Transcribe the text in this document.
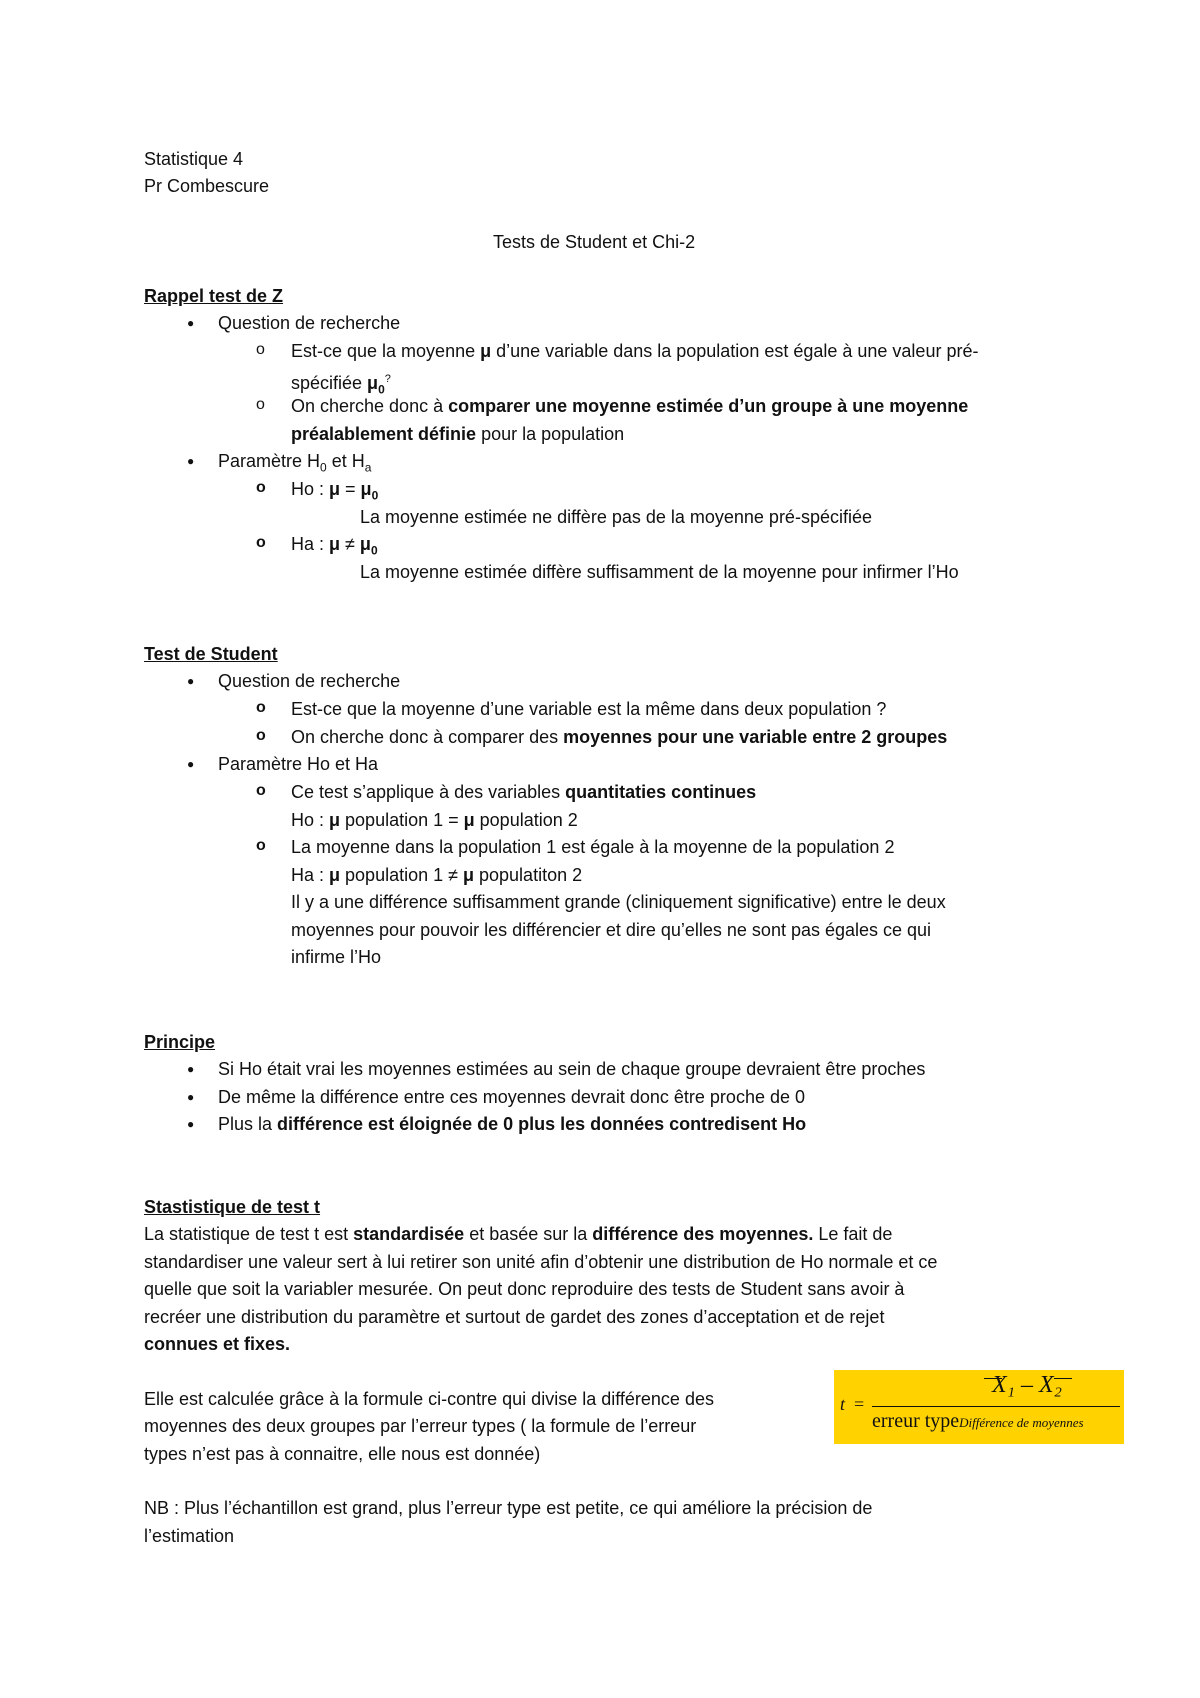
Statistique 4
Pr Combescure
Tests de Student et Chi-2
Rappel test de Z
● Question de recherche
o Est-ce que la moyenne μ d’une variable dans la population est égale à une valeur pré-
spécifiée $\mu_0^?$
o On cherche donc à comparer une moyenne estimée d’un groupe à une moyenne
préalablement définie pour la population
● Paramètre $H_0$ et $H_a$
o Ho : $\mu = \mu_0$
La moyenne estimée ne diffère pas de la moyenne pré-spécifiée
o Ha : $\mu \ne \mu_0$
La moyenne estimée diffère suffisamment de la moyenne pour infirmer l’Ho
Test de Student
● Question de recherche
o Est-ce que la moyenne d’une variable est la même dans deux population ?
o On cherche donc à comparer des moyennes pour une variable entre 2 groupes
● Paramètre Ho et Ha
o Ce test s’applique à des variables quantitaties continues
Ho : μ population 1 = μ population 2
o La moyenne dans la population 1 est égale à la moyenne de la population 2
Ha : μ population 1 ≠ μ populatiton 2
Il y a une différence suffisamment grande (cliniquement significative) entre le deux
moyennes pour pouvoir les différencier et dire qu’elles ne sont pas égales ce qui
infirme l’Ho
Principe
● Si Ho était vrai les moyennes estimées au sein de chaque groupe devraient être proches
● De même la différence entre ces moyennes devrait donc être proche de 0
● Plus la différence est éloignée de 0 plus les données contredisent Ho
Stastistique de test t
La statistique de test t est standardisée et basée sur la différence des moyennes. Le fait de
standardiser une valeur sert à lui retirer son unité afin d’obtenir une distribution de Ho normale et ce
quelle que soit la variabler mesurée. On peut donc reproduire des tests de Student sans avoir à
recréer une distribution du paramètre et surtout de gardet des zones d’acceptation et de rejet
connues et fixes.
Elle est calculée grâce à la formule ci-contre qui divise la différence des
moyennes des deux groupes par l’erreur types ( la formule de l’erreur
types n’est pas à connaitre, elle nous est donnée)
NB : Plus l’échantillon est grand, plus l’erreur type est petite, ce qui améliore la précision de
l’estimation
t =
X₁ – X₂
erreur typeDifférence de moyennes
